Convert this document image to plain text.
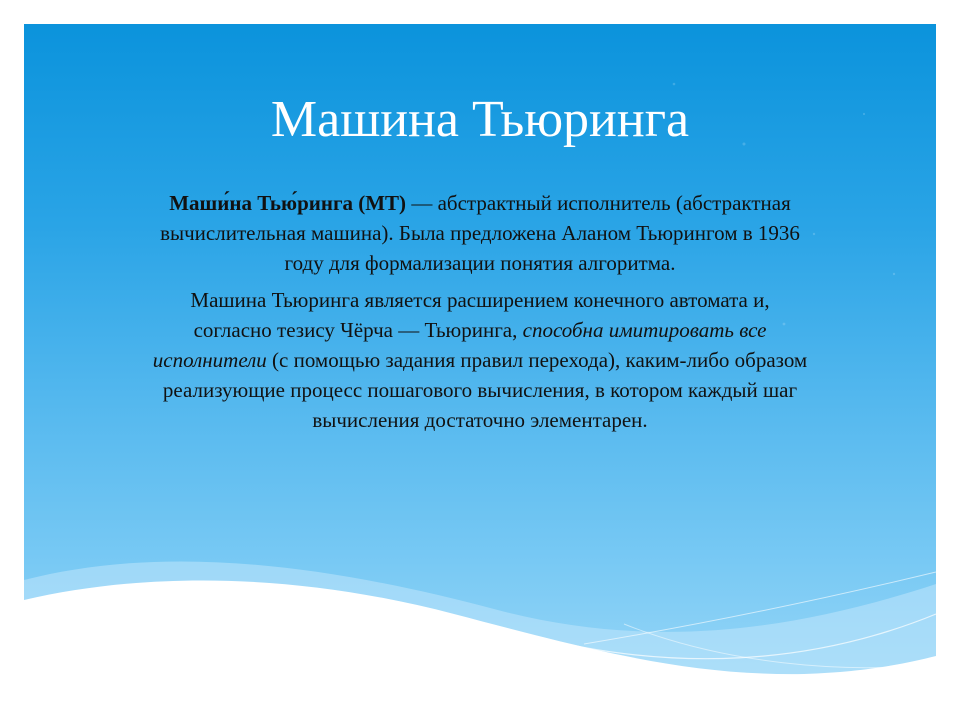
Машина Тьюринга

Маши́на Тью́ринга (МТ) — абстрактный исполнитель (абстрактная вычислительная машина). Была предложена Аланом Тьюрингом в 1936 году для формализации понятия алгоритма.

Машина Тьюринга является расширением конечного автомата и, согласно тезису Чёрча — Тьюринга, способна имитировать все исполнители (с помощью задания правил перехода), каким-либо образом реализующие процесс пошагового вычисления, в котором каждый шаг вычисления достаточно элементарен.
